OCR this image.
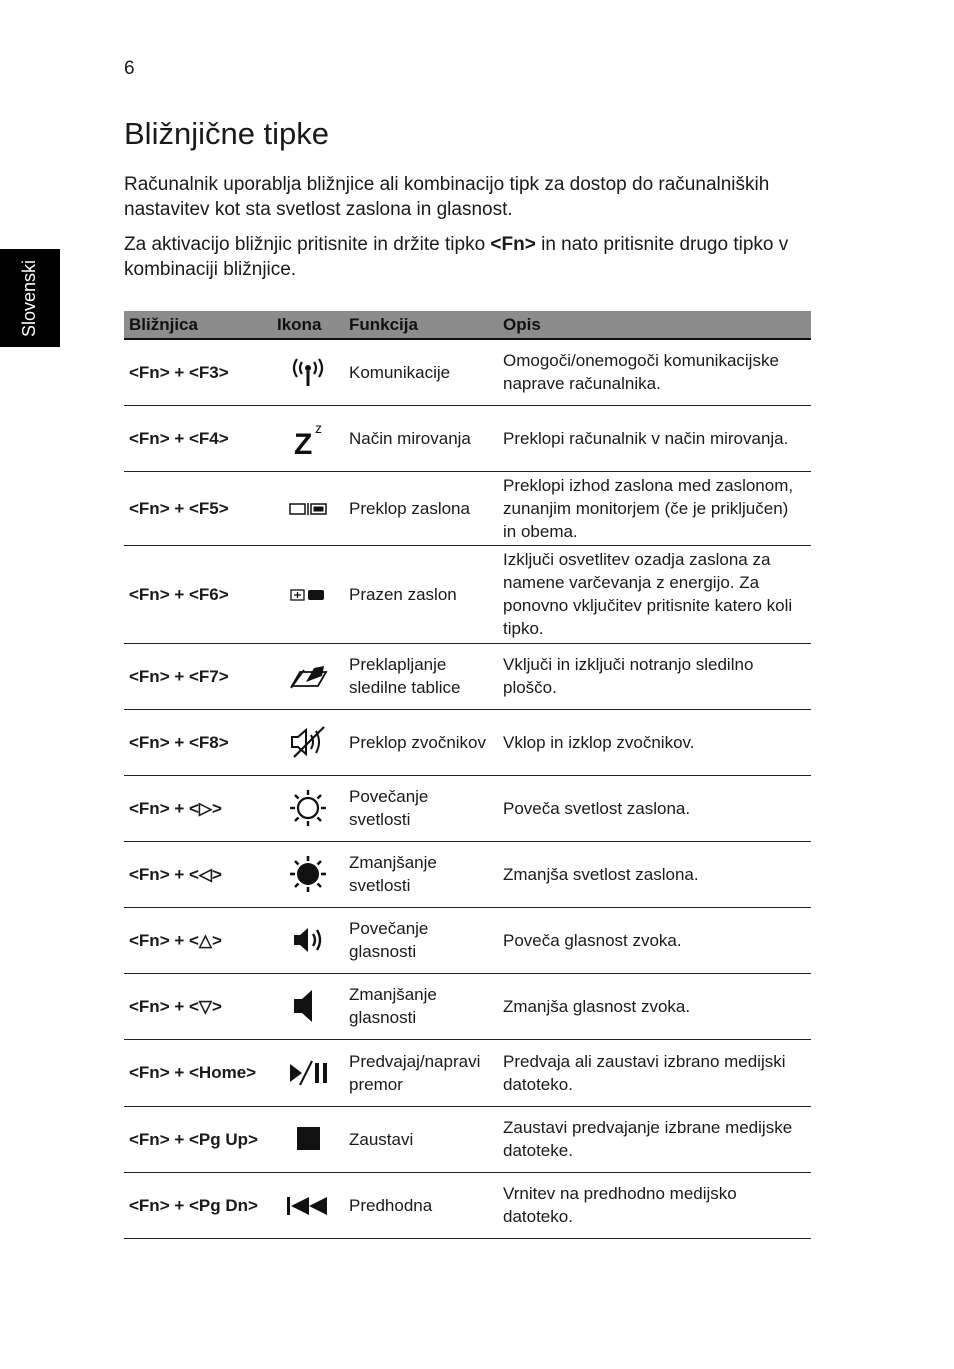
6
Slovenski
Bližnjične tipke

Računalnik uporablja bližnjice ali kombinacijo tipk za dostop do računalniških nastavitev kot sta svetlost zaslona in glasnost.

Za aktivacijo bližnjic pritisnite in držite tipko <Fn> in nato pritisnite drugo tipko v kombinaciji bližnjice.

Bližnjica	Ikona	Funkcija	Opis
<Fn> + <F3>		Komunikacije	Omogoči/onemogoči komunikacijske naprave računalnika.
<Fn> + <F4>	Z z	Način mirovanja	Preklopi računalnik v način mirovanja.
<Fn> + <F5>		Preklop zaslona	Preklopi izhod zaslona med zaslonom, zunanjim monitorjem (če je priključen) in obema.
<Fn> + <F6>		Prazen zaslon	Izključi osvetlitev ozadja zaslona za namene varčevanja z energijo. Za ponovno vključitev pritisnite katero koli tipko.
<Fn> + <F7>		Preklapljanje sledilne tablice	Vključi in izključi notranjo sledilno ploščo.
<Fn> + <F8>		Preklop zvočnikov	Vklop in izklop zvočnikov.
<Fn> + <▷>		Povečanje svetlosti	Poveča svetlost zaslona.
<Fn> + <◁>		Zmanjšanje svetlosti	Zmanjša svetlost zaslona.
<Fn> + <△>		Povečanje glasnosti	Poveča glasnost zvoka.
<Fn> + <▽>		Zmanjšanje glasnosti	Zmanjša glasnost zvoka.
<Fn> + <Home>		Predvajaj/napravi premor	Predvaja ali zaustavi izbrano medijski datoteko.
<Fn> + <Pg Up>		Zaustavi	Zaustavi predvajanje izbrane medijske datoteke.
<Fn> + <Pg Dn>		Predhodna	Vrnitev na predhodno medijsko datoteko.
